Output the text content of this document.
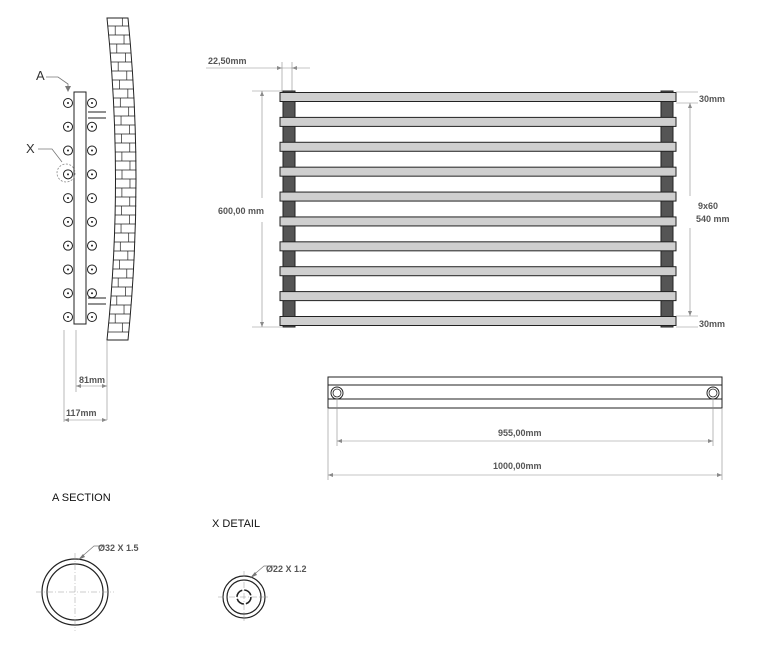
A
X
81mm
117mm
22,50mm
600,00 mm
30mm
9x60
540 mm
30mm
955,00mm
1000,00mm
A SECTION
Ø32 X 1.5
X DETAIL
Ø22 X 1.2
